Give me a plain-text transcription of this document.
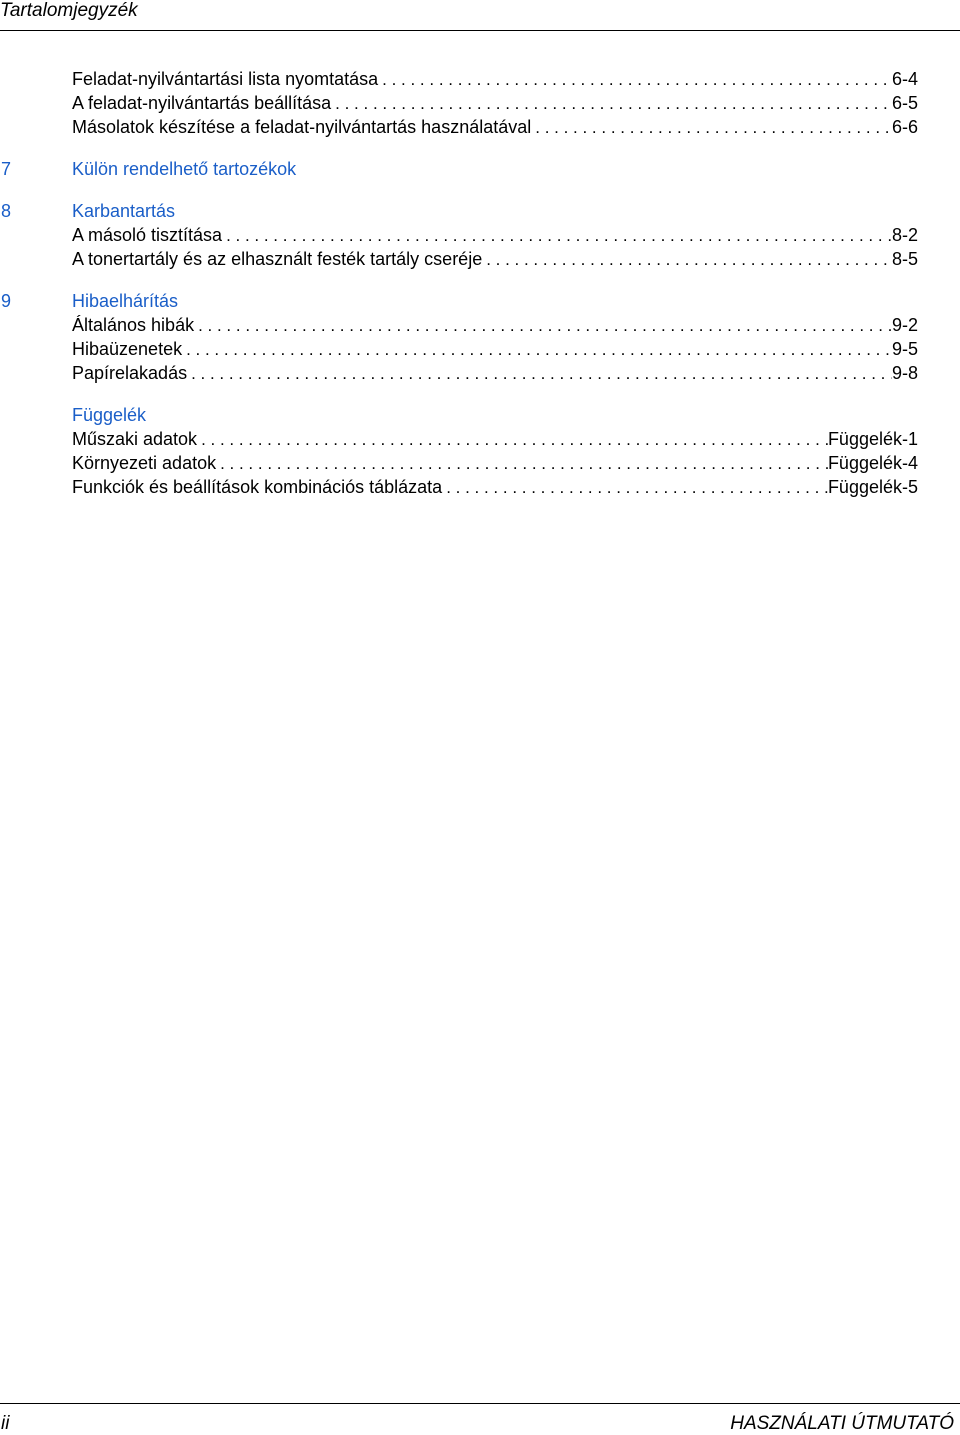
Tartalomjegyzék
Feladat-nyilvántartási lista nyomtatása . . .	6-4
A feladat-nyilvántartás beállítása . . .	6-5
Másolatok készítése a feladat-nyilvántartás használatával . . .	6-6
7	Külön rendelhető tartozékok
8	Karbantartás
A másoló tisztítása . . .	8-2
A tonertartály és az elhasznált festék tartály cseréje . . .	8-5
9	Hibaelhárítás
Általános hibák . . .	9-2
Hibaüzenetek . . .	9-5
Papírelakadás . . .	9-8
Függelék
Műszaki adatok . . .	Függelék-1
Környezeti adatok . . .	Függelék-4
Funkciók és beállítások kombinációs táblázata . . .	Függelék-5
ii	HASZNÁLATI ÚTMUTATÓ
